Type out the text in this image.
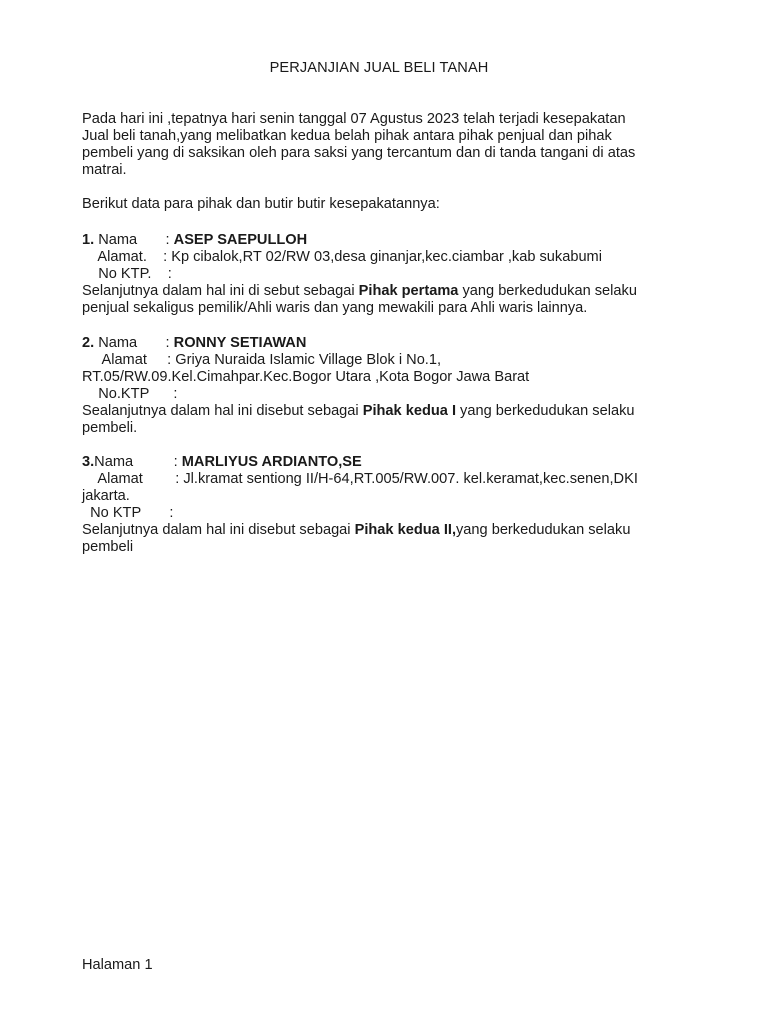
PERJANJIAN JUAL BELI TANAH
Pada hari ini ,tepatnya hari senin tanggal 07 Agustus 2023 telah terjadi kesepakatan
Jual beli tanah,yang melibatkan kedua belah pihak antara pihak penjual dan pihak
pembeli yang di saksikan oleh para saksi yang tercantum dan di tanda tangani di atas
matrai.
Berikut data para pihak dan butir butir kesepakatannya:
1. Nama       : ASEP SAEPULLOH
Alamat.    : Kp cibalok,RT 02/RW 03,desa ginanjar,kec.ciambar ,kab sukabumi
No KTP.    :
Selanjutnya dalam hal ini di sebut sebagai Pihak pertama yang berkedudukan selaku
penjual sekaligus pemilik/Ahli waris dan yang mewakili para Ahli waris lainnya.
2. Nama       : RONNY SETIAWAN
Alamat     : Griya Nuraida Islamic Village Blok i No.1,
RT.05/RW.09.Kel.Cimahpar.Kec.Bogor Utara ,Kota Bogor Jawa Barat
No.KTP      :
Sealanjutnya dalam hal ini disebut sebagai Pihak kedua I yang berkedudukan selaku
pembeli.
3.Nama          : MARLIYUS ARDIANTO,SE
Alamat        : Jl.kramat sentiong II/H-64,RT.005/RW.007. kel.keramat,kec.senen,DKI
jakarta.
No KTP       :
Selanjutnya dalam hal ini disebut sebagai Pihak kedua II,yang berkedudukan selaku
pembeli
Halaman 1
